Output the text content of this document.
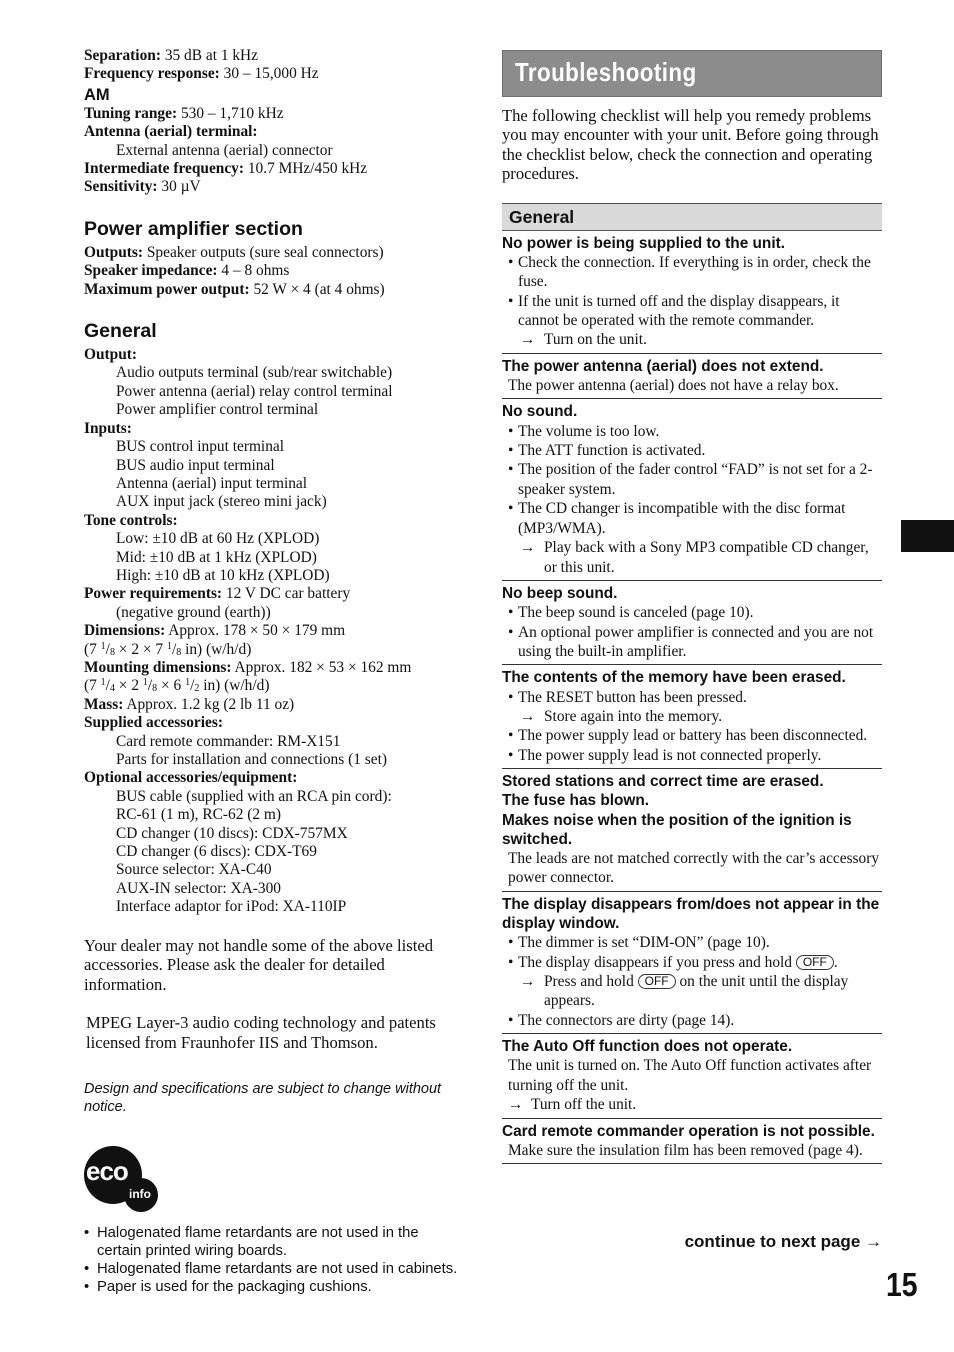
Separation: 35 dB at 1 kHz

Frequency response: 30 – 15,000 Hz

AM

Tuning range: 530 – 1,710 kHz

Antenna (aerial) terminal:

External antenna (aerial) connector

Intermediate frequency: 10.7 MHz/450 kHz

Sensitivity: 30 µV

Power amplifier section

Outputs: Speaker outputs (sure seal connectors)

Speaker impedance: 4 – 8 ohms

Maximum power output: 52 W × 4 (at 4 ohms)

General

Output:

Audio outputs terminal (sub/rear switchable)

Power antenna (aerial) relay control terminal

Power amplifier control terminal

Inputs:

BUS control input terminal

BUS audio input terminal

Antenna (aerial) input terminal

AUX input jack (stereo mini jack)

Tone controls:

Low: ±10 dB at 60 Hz (XPLOD)

Mid: ±10 dB at 1 kHz (XPLOD)

High: ±10 dB at 10 kHz (XPLOD)

Power requirements: 12 V DC car battery

(negative ground (earth))

Dimensions: Approx. 178 × 50 × 179 mm

(7 $^1/_8 \times 2 \times 7$ $^1/_8$ in) (w/h/d)

Mounting dimensions: Approx. 182 × 53 × 162 mm

(7 $^1/_4 \times 2$ $^1/_8 \times 6$ $^1/_2$ in) (w/h/d)

Mass: Approx. 1.2 kg (2 lb 11 oz)

Supplied accessories:

Card remote commander: RM-X151

Parts for installation and connections (1 set)

Optional accessories/equipment:

BUS cable (supplied with an RCA pin cord):

RC-61 (1 m), RC-62 (2 m)

CD changer (10 discs): CDX-757MX

CD changer (6 discs): CDX-T69

Source selector: XA-C40

AUX-IN selector: XA-300

Interface adaptor for iPod: XA-110IP

Your dealer may not handle some of the above listed accessories. Please ask the dealer for detailed information.

MPEG Layer-3 audio coding technology and patents licensed from Fraunhofer IIS and Thomson.

Design and specifications are subject to change without notice.

eco
info
• Halogenated flame retardants are not used in the certain printed wiring boards.
• Halogenated flame retardants are not used in cabinets.
• Paper is used for the packaging cushions.
Troubleshooting

The following checklist will help you remedy problems you may encounter with your unit. Before going through the checklist below, check the connection and operating procedures.

General

No power is being supplied to the unit.

• Check the connection. If everything is in order, check the fuse.

• If the unit is turned off and the display disappears, it cannot be operated with the remote commander.

→ Turn on the unit.

The power antenna (aerial) does not extend.

The power antenna (aerial) does not have a relay box.

No sound.

• The volume is too low.

• The ATT function is activated.

• The position of the fader control “FAD” is not set for a 2-speaker system.

• The CD changer is incompatible with the disc format (MP3/WMA).

→ Play back with a Sony MP3 compatible CD changer, or this unit.

No beep sound.

• The beep sound is canceled (page 10).

• An optional power amplifier is connected and you are not using the built-in amplifier.

The contents of the memory have been erased.

• The RESET button has been pressed.

→ Store again into the memory.

• The power supply lead or battery has been disconnected.

• The power supply lead is not connected properly.

Stored stations and correct time are erased.

The fuse has blown.

Makes noise when the position of the ignition is switched.

The leads are not matched correctly with the car’s accessory power connector.

The display disappears from/does not appear in the display window.

• The dimmer is set “DIM-ON” (page 10).

• The display disappears if you press and hold OFF .

→ Press and hold OFF on the unit until the display appears.

• The connectors are dirty (page 14).

The Auto Off function does not operate.

The unit is turned on. The Auto Off function activates after turning off the unit.

→ Turn off the unit.

Card remote commander operation is not possible.

Make sure the insulation film has been removed (page 4).

continue to next page →
15
